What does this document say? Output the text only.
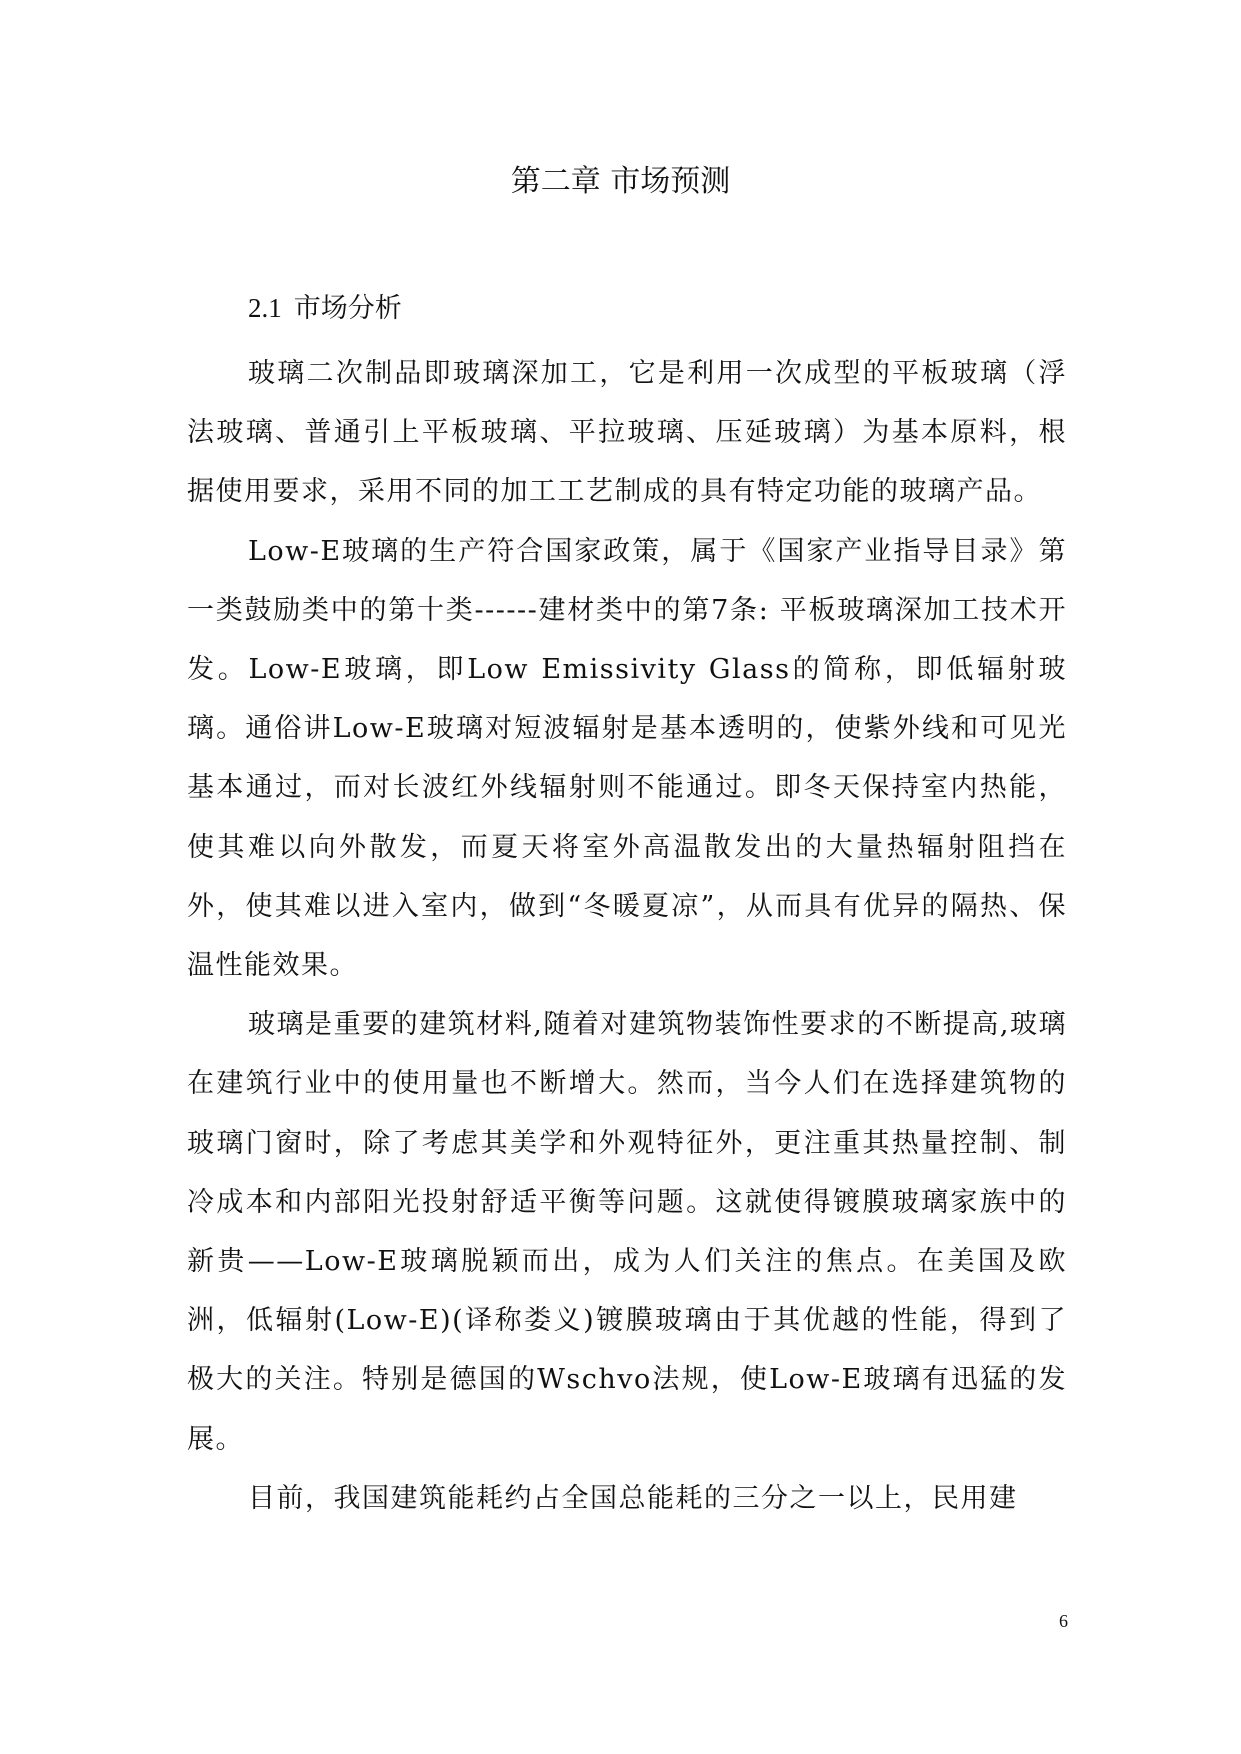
第二章 市场预测
2.1 市场分析

玻璃二次制品即玻璃深加工，它是利用一次成型的平板玻璃（浮法玻璃、普通引上平板玻璃、平拉玻璃、压延玻璃）为基本原料，根据使用要求，采用不同的加工工艺制成的具有特定功能的玻璃产品。

Low-E玻璃的生产符合国家政策，属于《国家产业指导目录》第一类鼓励类中的第十类------建材类中的第7条: 平板玻璃深加工技术开发。Low-E玻璃，即Low Emissivity Glass的简称，即低辐射玻璃。通俗讲Low-E玻璃对短波辐射是基本透明的，使紫外线和可见光基本通过，而对长波红外线辐射则不能通过。即冬天保持室内热能，使其难以向外散发，而夏天将室外高温散发出的大量热辐射阻挡在外，使其难以进入室内，做到“冬暖夏凉”，从而具有优异的隔热、保温性能效果。

玻璃是重要的建筑材料,随着对建筑物装饰性要求的不断提高,玻璃在建筑行业中的使用量也不断增大。然而，当今人们在选择建筑物的玻璃门窗时，除了考虑其美学和外观特征外，更注重其热量控制、制冷成本和内部阳光投射舒适平衡等问题。这就使得镀膜玻璃家族中的新贵——Low-E玻璃脱颖而出，成为人们关注的焦点。在美国及欧洲，低辐射(Low-E)(译称娄义)镀膜玻璃由于其优越的性能，得到了极大的关注。特别是德国的Wschvo法规，使Low-E玻璃有迅猛的发展。

目前，我国建筑能耗约占全国总能耗的三分之一以上，民用建

6
